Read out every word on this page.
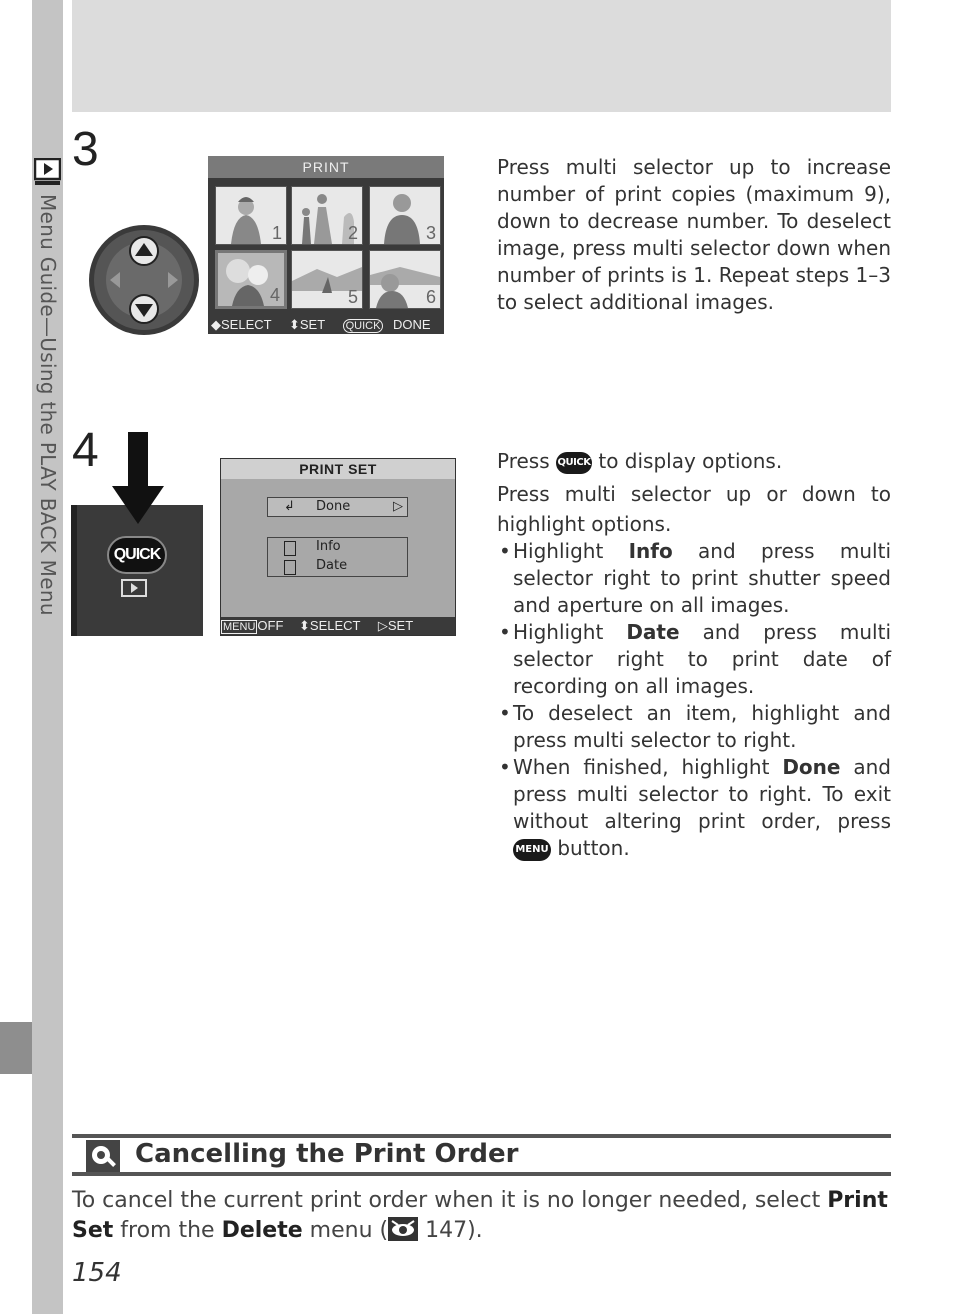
Menu Guide—Using the PLAY BACK Menu
3	PRINT
1	2	3
4	5	6
◆SELECT ⬍SET QUICK DONE

Press multi selector up to increase number of print copies (maximum 9), down to decrease number. To deselect image, press multi selector down when number of prints is 1. Repeat steps 1–3 to select additional images.

4
QUICK
PRINT SET
↲ Done	▷
Info
Date
MENU OFF ⬍SELECT ▷SET

Press QUICK to display options.

Press multi selector up or down to highlight options.

• Highlight Info and press multi selector right to print shutter speed and aperture on all images.
• Highlight Date and press multi selector right to print date of recording on all images.
• To deselect an item, highlight and press multi selector to right.
• When finished, highlight Done and press multi selector to right. To exit without altering print order, press MENU button.
Cancelling the Print Order

To cancel the current print order when it is no longer needed, select Print Set from the Delete menu ( 147).

154
